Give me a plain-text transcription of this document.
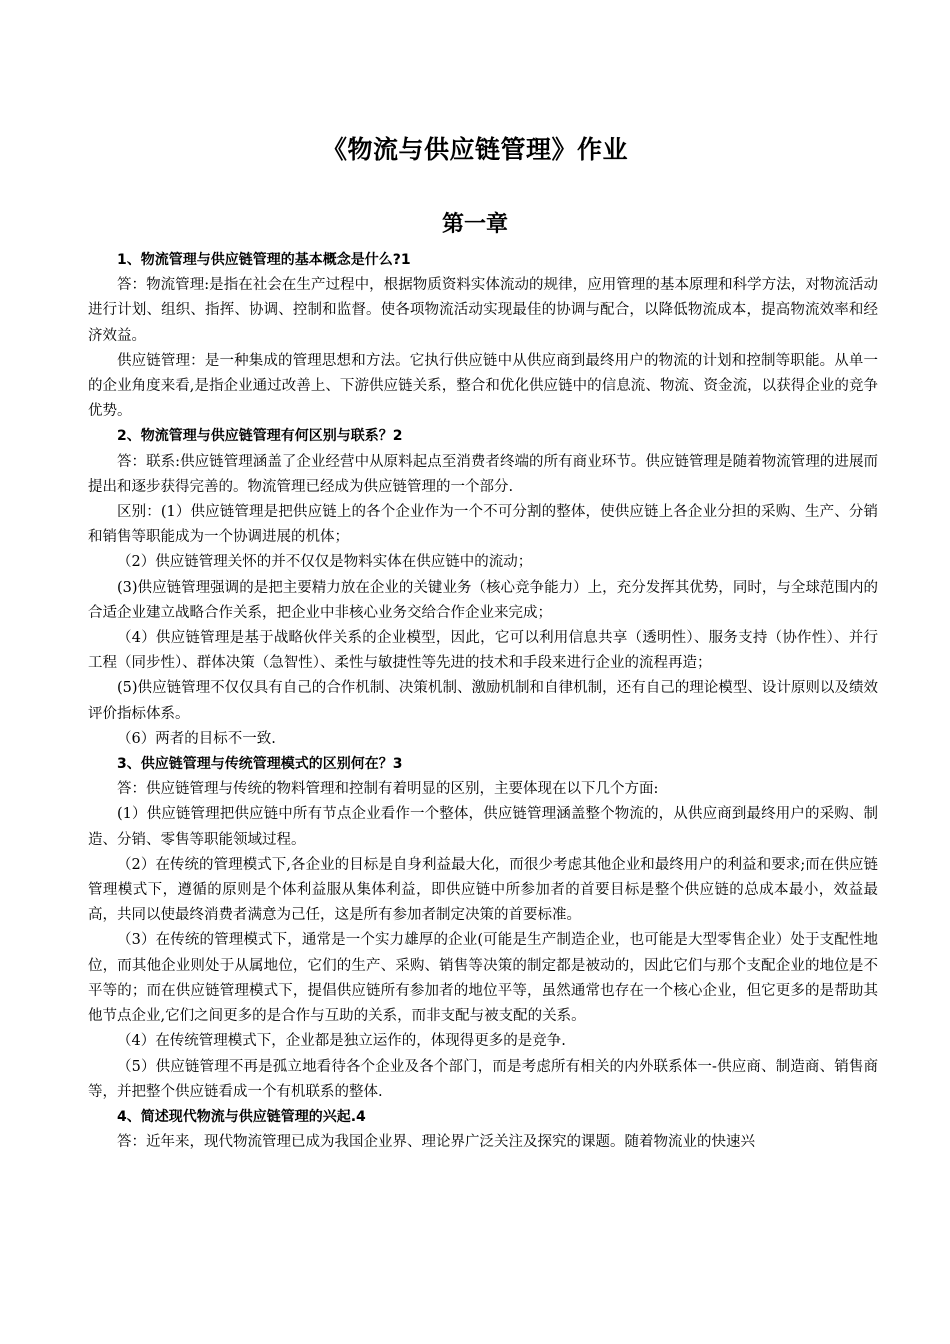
《物流与供应链管理》作业
第一章

1、物流管理与供应链管理的基本概念是什么?1

答：物流管理:是指在社会在生产过程中，根据物质资料实体流动的规律，应用管理的基本原理和科学方法，对物流活动进行计划、组织、指挥、协调、控制和监督。使各项物流活动实现最佳的协调与配合，以降低物流成本，提高物流效率和经济效益。

供应链管理：是一种集成的管理思想和方法。它执行供应链中从供应商到最终用户的物流的计划和控制等职能。从单一的企业角度来看,是指企业通过改善上、下游供应链关系，整合和优化供应链中的信息流、物流、资金流，以获得企业的竞争优势。

2、物流管理与供应链管理有何区别与联系？2

答：联系:供应链管理涵盖了企业经营中从原料起点至消费者终端的所有商业环节。供应链管理是随着物流管理的进展而提出和逐步获得完善的。物流管理已经成为供应链管理的一个部分.

区别：(1）供应链管理是把供应链上的各个企业作为一个不可分割的整体，使供应链上各企业分担的采购、生产、分销和销售等职能成为一个协调进展的机体；

（2）供应链管理关怀的并不仅仅是物料实体在供应链中的流动；

(3)供应链管理强调的是把主要精力放在企业的关键业务（核心竞争能力）上，充分发挥其优势，同时，与全球范围内的合适企业建立战略合作关系，把企业中非核心业务交给合作企业来完成；

（4）供应链管理是基于战略伙伴关系的企业模型，因此，它可以利用信息共享（透明性）、服务支持（协作性）、并行工程（同步性）、群体决策（急智性）、柔性与敏捷性等先进的技术和手段来进行企业的流程再造；

(5)供应链管理不仅仅具有自己的合作机制、决策机制、激励机制和自律机制，还有自己的理论模型、设计原则以及绩效评价指标体系。

（6）两者的目标不一致.

3、供应链管理与传统管理模式的区别何在？3

答：供应链管理与传统的物料管理和控制有着明显的区别，主要体现在以下几个方面:

(1）供应链管理把供应链中所有节点企业看作一个整体，供应链管理涵盖整个物流的，从供应商到最终用户的采购、制造、分销、零售等职能领域过程。

（2）在传统的管理模式下,各企业的目标是自身利益最大化，而很少考虑其他企业和最终用户的利益和要求;而在供应链管理模式下，遵循的原则是个体利益服从集体利益，即供应链中所参加者的首要目标是整个供应链的总成本最小，效益最高，共同以使最终消费者满意为己任，这是所有参加者制定决策的首要标准。

（3）在传统的管理模式下，通常是一个实力雄厚的企业(可能是生产制造企业，也可能是大型零售企业）处于支配性地位，而其他企业则处于从属地位，它们的生产、采购、销售等决策的制定都是被动的，因此它们与那个支配企业的地位是不平等的；而在供应链管理模式下，提倡供应链所有参加者的地位平等，虽然通常也存在一个核心企业，但它更多的是帮助其他节点企业,它们之间更多的是合作与互助的关系，而非支配与被支配的关系。

（4）在传统管理模式下，企业都是独立运作的，体现得更多的是竞争.

（5）供应链管理不再是孤立地看待各个企业及各个部门，而是考虑所有相关的内外联系体一-供应商、制造商、销售商等，并把整个供应链看成一个有机联系的整体.

4、简述现代物流与供应链管理的兴起.4

答：近年来，现代物流管理已成为我国企业界、理论界广泛关注及探究的课题。随着物流业的快速兴
